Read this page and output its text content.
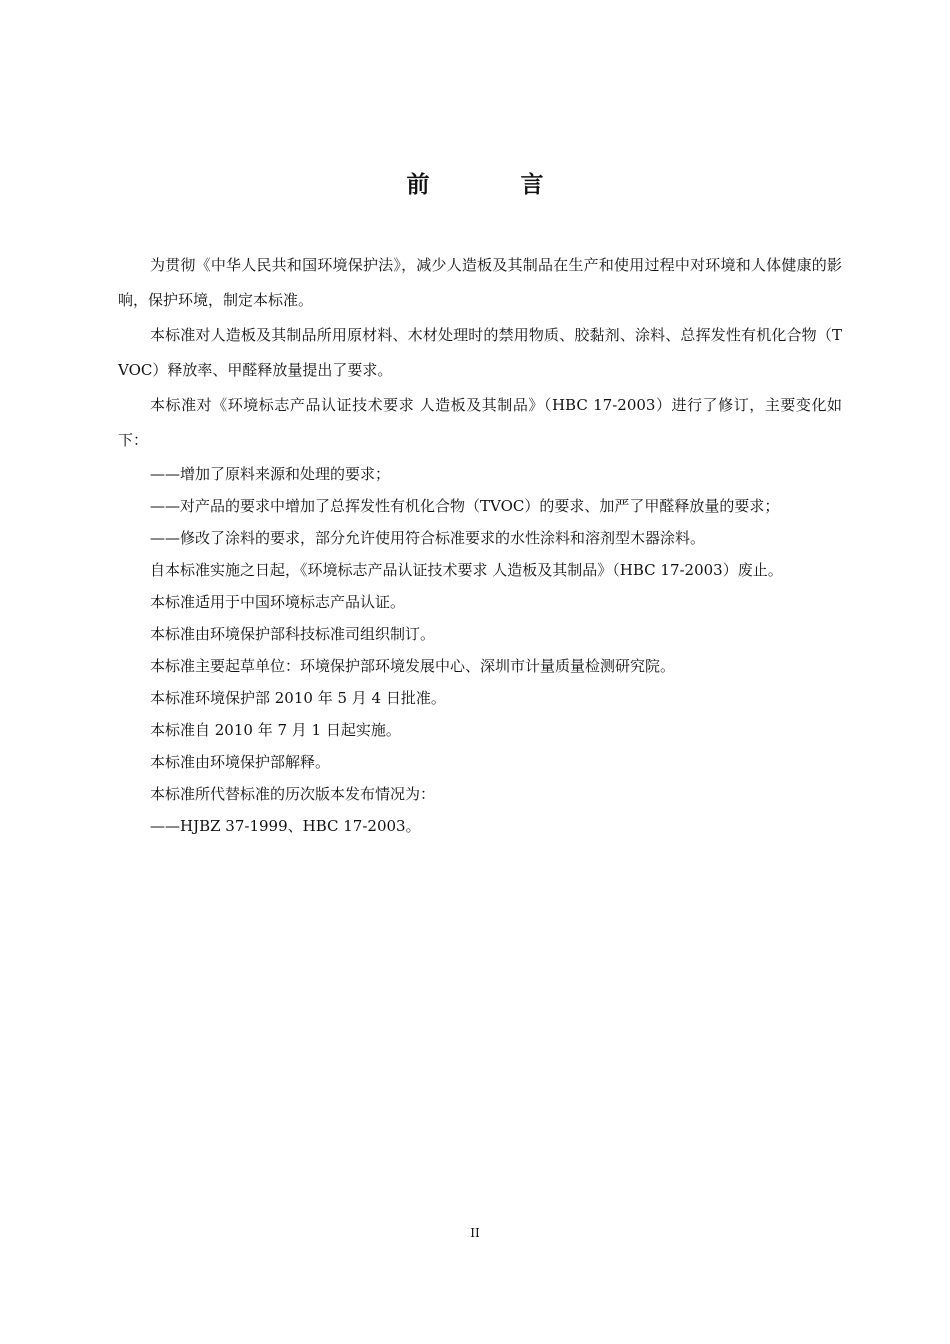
前　言

为贯彻《中华人民共和国环境保护法》，减少人造板及其制品在生产和使用过程中对环境和人体健康的影响，保护环境，制定本标准。

本标准对人造板及其制品所用原材料、木材处理时的禁用物质、胶黏剂、涂料、总挥发性有机化合物（TVOC）释放率、甲醛释放量提出了要求。

本标准对《环境标志产品认证技术要求 人造板及其制品》（HBC 17-2003）进行了修订，主要变化如下：

——增加了原料来源和处理的要求；

——对产品的要求中增加了总挥发性有机化合物（TVOC）的要求、加严了甲醛释放量的要求；

——修改了涂料的要求，部分允许使用符合标准要求的水性涂料和溶剂型木器涂料。

自本标准实施之日起，《环境标志产品认证技术要求 人造板及其制品》（HBC 17-2003）废止。

本标准适用于中国环境标志产品认证。

本标准由环境保护部科技标准司组织制订。

本标准主要起草单位：环境保护部环境发展中心、深圳市计量质量检测研究院。

本标准环境保护部 2010 年 5 月 4 日批准。

本标准自 2010 年 7 月 1 日起实施。

本标准由环境保护部解释。

本标准所代替标准的历次版本发布情况为：

——HJBZ 37-1999、HBC 17-2003。

II
